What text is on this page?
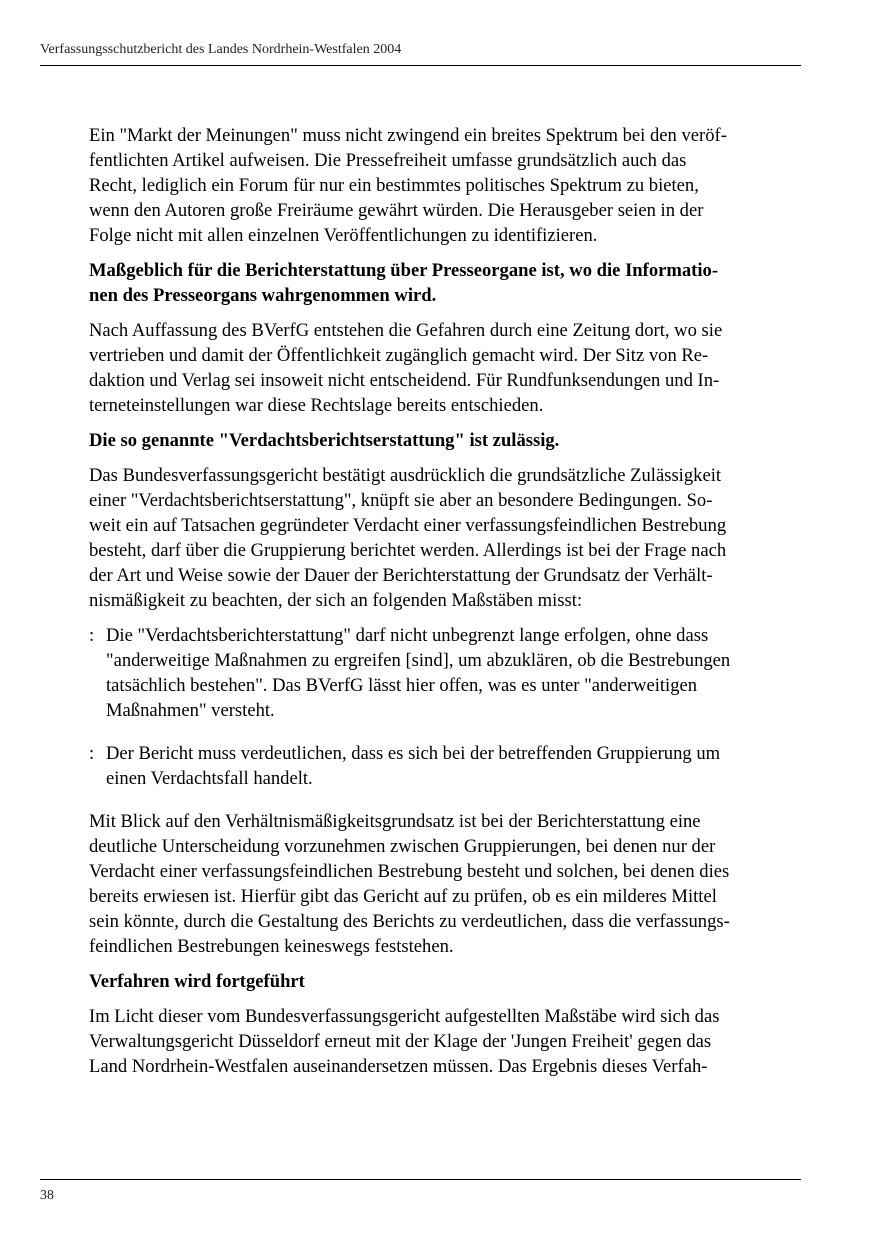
Verfassungsschutzbericht des Landes Nordrhein-Westfalen 2004

Ein "Markt der Meinungen" muss nicht zwingend ein breites Spektrum bei den veröf-
fentlichten Artikel aufweisen. Die Pressefreiheit umfasse grundsätzlich auch das
Recht, lediglich ein Forum für nur ein bestimmtes politisches Spektrum zu bieten,
wenn den Autoren große Freiräume gewährt würden. Die Herausgeber seien in der
Folge nicht mit allen einzelnen Veröffentlichungen zu identifizieren.

Maßgeblich für die Berichterstattung über Presseorgane ist, wo die Informatio-
nen des Presseorgans wahrgenommen wird.

Nach Auffassung des BVerfG entstehen die Gefahren durch eine Zeitung dort, wo sie
vertrieben und damit der Öffentlichkeit zugänglich gemacht wird. Der Sitz von Re-
daktion und Verlag sei insoweit nicht entscheidend. Für Rundfunksendungen und In-
terneteinstellungen war diese Rechtslage bereits entschieden.

Die so genannte "Verdachtsberichtserstattung" ist zulässig.

Das Bundesverfassungsgericht bestätigt ausdrücklich die grundsätzliche Zulässigkeit
einer "Verdachtsberichtserstattung", knüpft sie aber an besondere Bedingungen. So-
weit ein auf Tatsachen gegründeter Verdacht einer verfassungsfeindlichen Bestrebung
besteht, darf über die Gruppierung berichtet werden. Allerdings ist bei der Frage nach
der Art und Weise sowie der Dauer der Berichterstattung der Grundsatz der Verhält-
nismäßigkeit zu beachten, der sich an folgenden Maßstäben misst:

: Die "Verdachtsberichterstattung" darf nicht unbegrenzt lange erfolgen, ohne dass
"anderweitige Maßnahmen zu ergreifen [sind], um abzuklären, ob die Bestrebungen
tatsächlich bestehen". Das BVerfG lässt hier offen, was es unter "anderweitigen
Maßnahmen" versteht.
: Der Bericht muss verdeutlichen, dass es sich bei der betreffenden Gruppierung um
einen Verdachtsfall handelt.

Mit Blick auf den Verhältnismäßigkeitsgrundsatz ist bei der Berichterstattung eine
deutliche Unterscheidung vorzunehmen zwischen Gruppierungen, bei denen nur der
Verdacht einer verfassungsfeindlichen Bestrebung besteht und solchen, bei denen dies
bereits erwiesen ist. Hierfür gibt das Gericht auf zu prüfen, ob es ein milderes Mittel
sein könnte, durch die Gestaltung des Berichts zu verdeutlichen, dass die verfassungs-
feindlichen Bestrebungen keineswegs feststehen.

Verfahren wird fortgeführt

Im Licht dieser vom Bundesverfassungsgericht aufgestellten Maßstäbe wird sich das
Verwaltungsgericht Düsseldorf erneut mit der Klage der 'Jungen Freiheit' gegen das
Land Nordrhein-Westfalen auseinandersetzen müssen. Das Ergebnis dieses Verfah-

38
